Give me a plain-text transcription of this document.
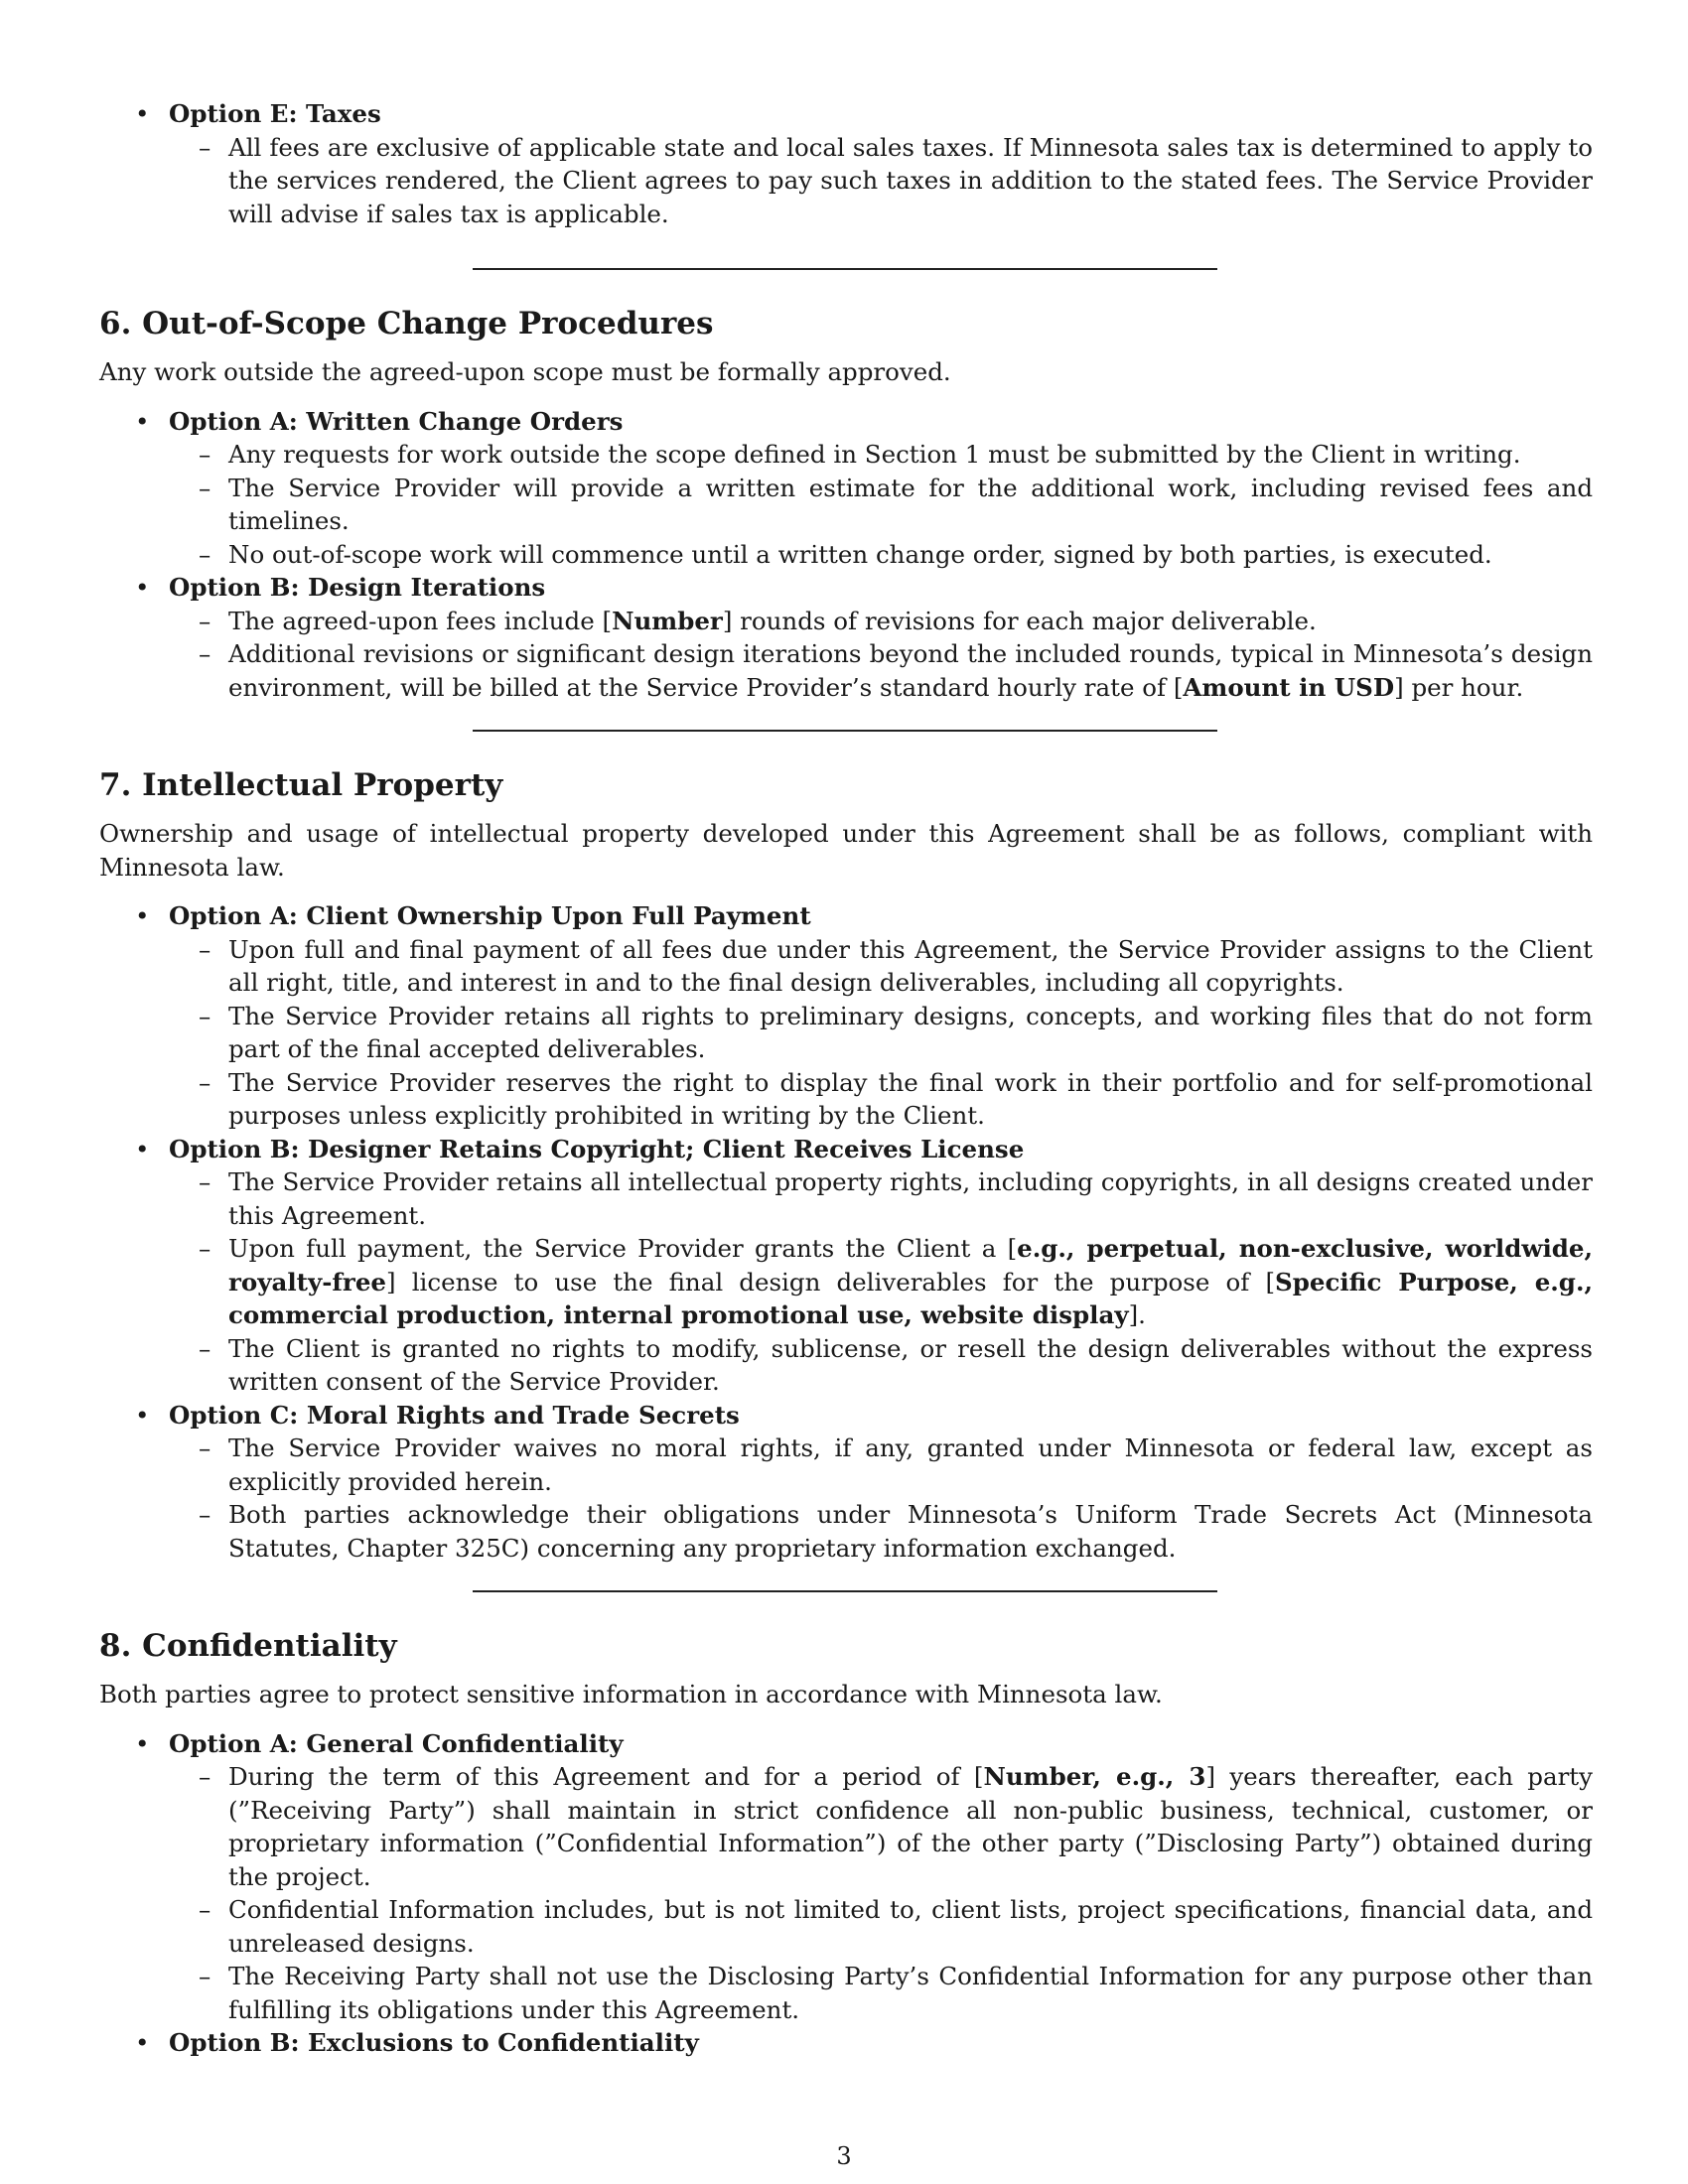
• Option E: Taxes
– All fees are exclusive of applicable state and local sales taxes. If Minnesota sales tax is determined to apply to the services rendered, the Client agrees to pay such taxes in addition to the stated fees. The Service Provider will advise if sales tax is applicable.
6. Out-of-Scope Change Procedures

Any work outside the agreed-upon scope must be formally approved.

• Option A: Written Change Orders
– Any requests for work outside the scope defined in Section 1 must be submitted by the Client in writing.
– The Service Provider will provide a written estimate for the additional work, including revised fees and timelines.
– No out-of-scope work will commence until a written change order, signed by both parties, is executed.
• Option B: Design Iterations
– The agreed-upon fees include [Number] rounds of revisions for each major deliverable.
– Additional revisions or significant design iterations beyond the included rounds, typical in Minnesota’s design environment, will be billed at the Service Provider’s standard hourly rate of [Amount in USD] per hour.
7. Intellectual Property

Ownership and usage of intellectual property developed under this Agreement shall be as follows, compliant with Minnesota law.

• Option A: Client Ownership Upon Full Payment
– Upon full and final payment of all fees due under this Agreement, the Service Provider assigns to the Client all right, title, and interest in and to the final design deliverables, including all copyrights.
– The Service Provider retains all rights to preliminary designs, concepts, and working files that do not form part of the final accepted deliverables.
– The Service Provider reserves the right to display the final work in their portfolio and for self-promotional purposes unless explicitly prohibited in writing by the Client.
• Option B: Designer Retains Copyright; Client Receives License
– The Service Provider retains all intellectual property rights, including copyrights, in all designs created under this Agreement.
– Upon full payment, the Service Provider grants the Client a [e.g., perpetual, non-exclusive, worldwide, royalty-free] license to use the final design deliverables for the purpose of [Specific Purpose, e.g., commercial production, internal promotional use, website display].
– The Client is granted no rights to modify, sublicense, or resell the design deliverables without the express written consent of the Service Provider.
• Option C: Moral Rights and Trade Secrets
– The Service Provider waives no moral rights, if any, granted under Minnesota or federal law, except as explicitly provided herein.
– Both parties acknowledge their obligations under Minnesota’s Uniform Trade Secrets Act (Minnesota Statutes, Chapter 325C) concerning any proprietary information exchanged.
8. Confidentiality

Both parties agree to protect sensitive information in accordance with Minnesota law.

• Option A: General Confidentiality
– During the term of this Agreement and for a period of [Number, e.g., 3] years thereafter, each party (”Receiving Party”) shall maintain in strict confidence all non-public business, technical, customer, or proprietary information (”Confidential Information”) of the other party (”Disclosing Party”) obtained during the project.
– Confidential Information includes, but is not limited to, client lists, project specifications, financial data, and unreleased designs.
– The Receiving Party shall not use the Disclosing Party’s Confidential Information for any purpose other than fulfilling its obligations under this Agreement.
• Option B: Exclusions to Confidentiality
3
